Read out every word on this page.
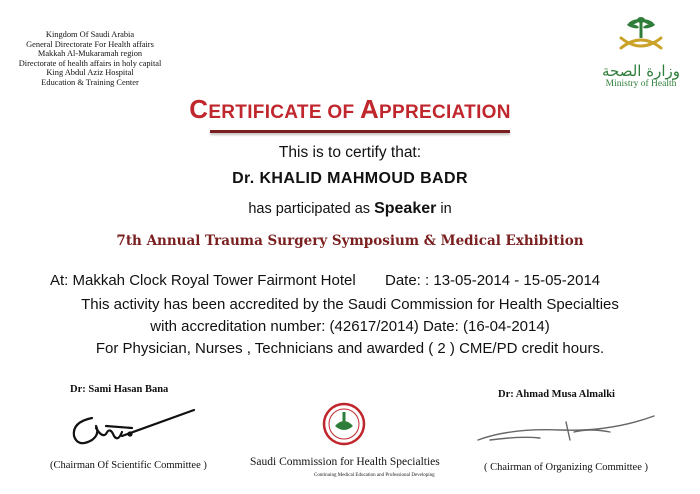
Kingdom Of Saudi Arabia
General Directorate For Health affairs
Makkah Al-Mukaramah region
Directorate of health affairs in holy capital
King Abdul Aziz Hospital
Education & Training Center
وزارة الصحة
Ministry of Health
CERTIFICATE OF APPRECIATION
This is to certify that:
Dr. KHALID MAHMOUD BADR
has participated as Speaker in
7th Annual Trauma Surgery Symposium & Medical Exhibition
At: Makkah Clock Royal Tower Fairmont Hotel Date: : 13-05-2014 - 15-05-2014
This activity has been accredited by the Saudi Commission for Health Specialties
with accreditation number: (42617/2014) Date: (16-04-2014)
For Physician, Nurses , Technicians and awarded ( 2 ) CME/PD credit hours.
Dr: Sami Hasan Bana
(Chairman Of Scientific Committee )	Saudi Commission for Health Specialties
Continuing Medical Education and Professional Developing
Dr: Ahmad Musa Almalki
( Chairman of Organizing Committee )
